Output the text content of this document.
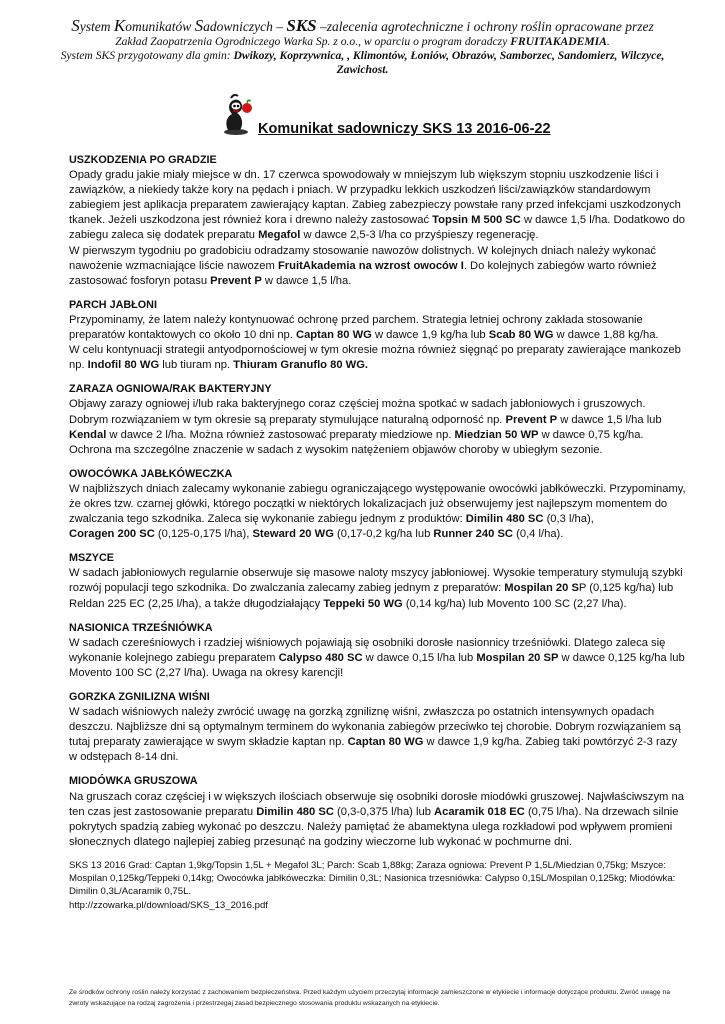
System Komunikatów Sadowniczych – SKS –zalecenia agrotechniczne i ochrony roślin opracowane przez
Zakład Zaopatrzenia Ogrodniczego Warka Sp. z o.o., w oparciu o program doradczy FRUITAKADEMIA.
System SKS przygotowany dla gmin: Dwikozy, Koprzywnica, , Klimontów, Łoniów, Obrazów, Samborzec, Sandomierz, Wilczyce, Zawichost.
Komunikat sadowniczy SKS 13 2016-06-22
USZKODZENIA PO GRADZIE
Opady gradu jakie miały miejsce w dn. 17 czerwca spowodowały w mniejszym lub większym stopniu uszkodzenie liści i zawiązków, a niekiedy także kory na pędach i pniach. W przypadku lekkich uszkodzeń liści/zawiązków standardowym zabiegiem jest aplikacja preparatem zawierający kaptan. Zabieg zabezpieczy powstałe rany przed infekcjami uszkodzonych tkanek. Jeżeli uszkodzona jest również kora i drewno należy zastosować Topsin M 500 SC w dawce 1,5 l/ha. Dodatkowo do zabiegu zaleca się dodatek preparatu Megafol w dawce 2,5-3 l/ha co przyśpieszy regenerację.
W pierwszym tygodniu po gradobiciu odradzamy stosowanie nawozów dolistnych. W kolejnych dniach należy wykonać nawożenie wzmacniające liście nawozem FruitAkademia na wzrost owoców I. Do kolejnych zabiegów warto również zastosować fosforyn potasu Prevent P w dawce 1,5 l/ha.
PARCH JABŁONI
Przypominamy, że latem należy kontynuować ochronę przed parchem. Strategia letniej ochrony zakłada stosowanie preparatów kontaktowych co około 10 dni np. Captan 80 WG w dawce 1,9 kg/ha lub Scab 80 WG w dawce 1,88 kg/ha.
W celu kontynuacji strategii antyodpornościowej w tym okresie można również sięgnąć po preparaty zawierające mankozeb np. Indofil 80 WG lub tiuram np. Thiuram Granuflo 80 WG.
ZARAZA OGNIOWA/RAK BAKTERYJNY
Objawy zarazy ogniowej i/lub raka bakteryjnego coraz częściej można spotkać w sadach jabłoniowych i gruszowych. Dobrym rozwiązaniem w tym okresie są preparaty stymulujące naturalną odporność np. Prevent P w dawce 1,5 l/ha lub Kendal w dawce 2 l/ha. Można również zastosować preparaty miedziowe np. Miedzian 50 WP w dawce 0,75 kg/ha. Ochrona ma szczególne znaczenie w sadach z wysokim natężeniem objawów choroby w ubiegłym sezonie.
OWOCÓWKA JABŁKÓWECZKA
W najbliższych dniach zalecamy wykonanie zabiegu ograniczającego występowanie owocówki jabłkóweczki. Przypominamy, że okres tzw. czarnej główki, którego początki w niektórych lokalizacjach już obserwujemy jest najlepszym momentem do zwalczania tego szkodnika. Zaleca się wykonanie zabiegu jednym z produktów: Dimilin 480 SC (0,3 l/ha),
Coragen 200 SC (0,125-0,175 l/ha), Steward 20 WG (0,17-0,2 kg/ha lub Runner 240 SC (0,4 l/ha).
MSZYCE
W sadach jabłoniowych regularnie obserwuje się masowe naloty mszycy jabłoniowej. Wysokie temperatury stymulują szybki rozwój populacji tego szkodnika. Do zwalczania zalecamy zabieg jednym z preparatów: Mospilan 20 SP (0,125 kg/ha) lub Reldan 225 EC (2,25 l/ha), a także długodziałający Teppeki 50 WG (0,14 kg/ha) lub Movento 100 SC (2,27 l/ha).
NASIONICA TRZEŚNIÓWKA
W sadach czereśniowych i rzadziej wiśniowych pojawiają się osobniki dorosłe nasionnicy trześniówki. Dlatego zaleca się wykonanie kolejnego zabiegu preparatem Calypso 480 SC w dawce 0,15 l/ha lub Mospilan 20 SP w dawce 0,125 kg/ha lub Movento 100 SC (2,27 l/ha). Uwaga na okresy karencji!
GORZKA ZGNILIZNA WIŚNI
W sadach wiśniowych należy zwrócić uwagę na gorzką zgniliznę wiśni, zwłaszcza po ostatnich intensywnych opadach deszczu. Najbliższe dni są optymalnym terminem do wykonania zabiegów przeciwko tej chorobie. Dobrym rozwiązaniem są tutaj preparaty zawierające w swym składzie kaptan np. Captan 80 WG w dawce 1,9 kg/ha. Zabieg taki powtórzyć 2-3 razy w odstępach 8-14 dni.
MIODÓWKA GRUSZOWA
Na gruszach coraz częściej i w większych ilościach obserwuje się osobniki dorosłe miodówki gruszowej. Najwłaściwszym na ten czas jest zastosowanie preparatu Dimilin 480 SC (0,3-0,375 l/ha) lub Acaramik 018 EC (0,75 l/ha). Na drzewach silnie pokrytych spadzią zabieg wykonać po deszczu. Należy pamiętać że abamektyna ulega rozkładowi pod wpływem promieni słonecznych dlatego najlepiej zabieg przesunąć na godziny wieczorne lub wykonać w pochmurne dni.
SKS 13 2016 Grad: Captan 1,9kg/Topsin 1,5L + Megafol 3L; Parch: Scab 1,88kg; Zaraza ogniowa: Prevent P 1,5L/Miedzian 0,75kg; Mszyce: Mospilan 0,125kg/Teppeki 0,14kg; Owocówka jabłkóweczka: Dimilin 0,3L; Nasionica trzesniówka: Calypso 0,15L/Mospilan 0,125kg; Miodówka: Dimilin 0,3L/Acaramik 0,75L.
http://zzowarka.pl/download/SKS_13_2016.pdf
Ze środków ochrony roślin należy korzystać z zachowaniem bezpieczeństwa. Przed każdym użyciem przeczytaj informacje zamieszczone w etykiecie i informacje dotyczące produktu. Zwróć uwagę na zwroty wskazujące na rodzaj zagrożenia i przestrzegaj zasad bezpiecznego stosowania produktu wskazanych na etykiecie.
